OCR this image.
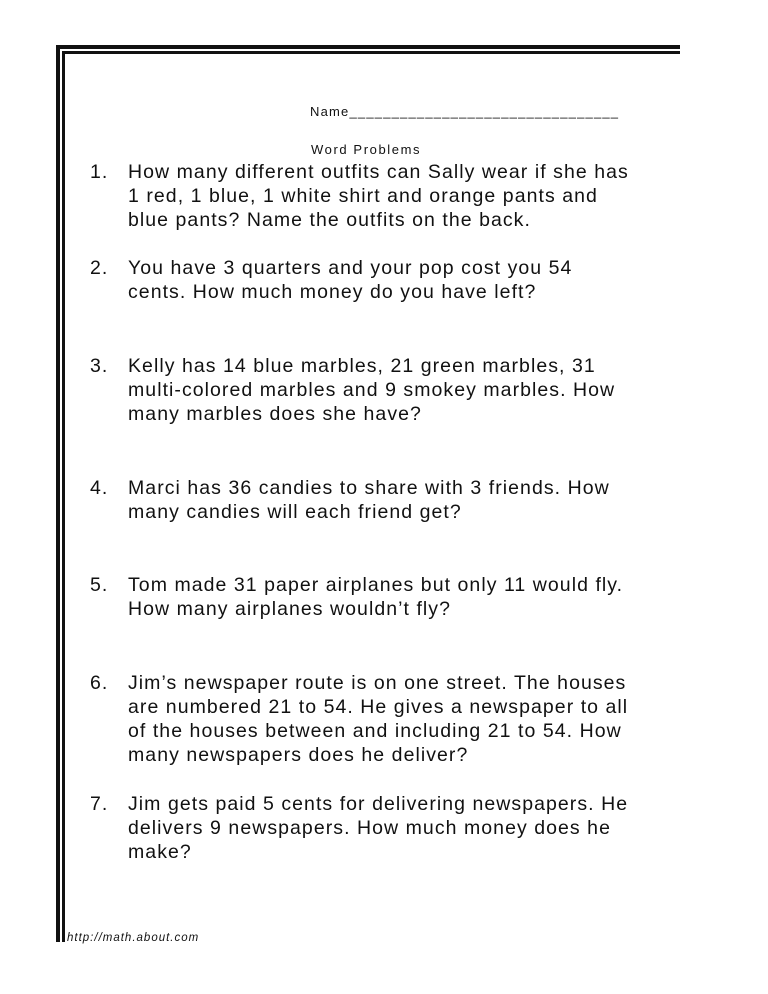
Name________________________________
Word Problems
1. How many different outfits can Sally wear if she has
1 red, 1 blue, 1 white shirt and orange pants and
blue pants? Name the outfits on the back.
2. You have 3 quarters and your pop cost you 54
cents. How much money do you have left?
3. Kelly has 14 blue marbles, 21 green marbles, 31
multi-colored marbles and 9 smokey marbles. How
many marbles does she have?
4. Marci has 36 candies to share with 3 friends. How
many candies will each friend get?
5. Tom made 31 paper airplanes but only 11 would fly.
How many airplanes wouldn’t fly?
6. Jim’s newspaper route is on one street. The houses
are numbered 21 to 54. He gives a newspaper to all
of the houses between and including 21 to 54. How
many newspapers does he deliver?
7. Jim gets paid 5 cents for delivering newspapers. He
delivers 9 newspapers. How much money does he
make?
http://math.about.com
